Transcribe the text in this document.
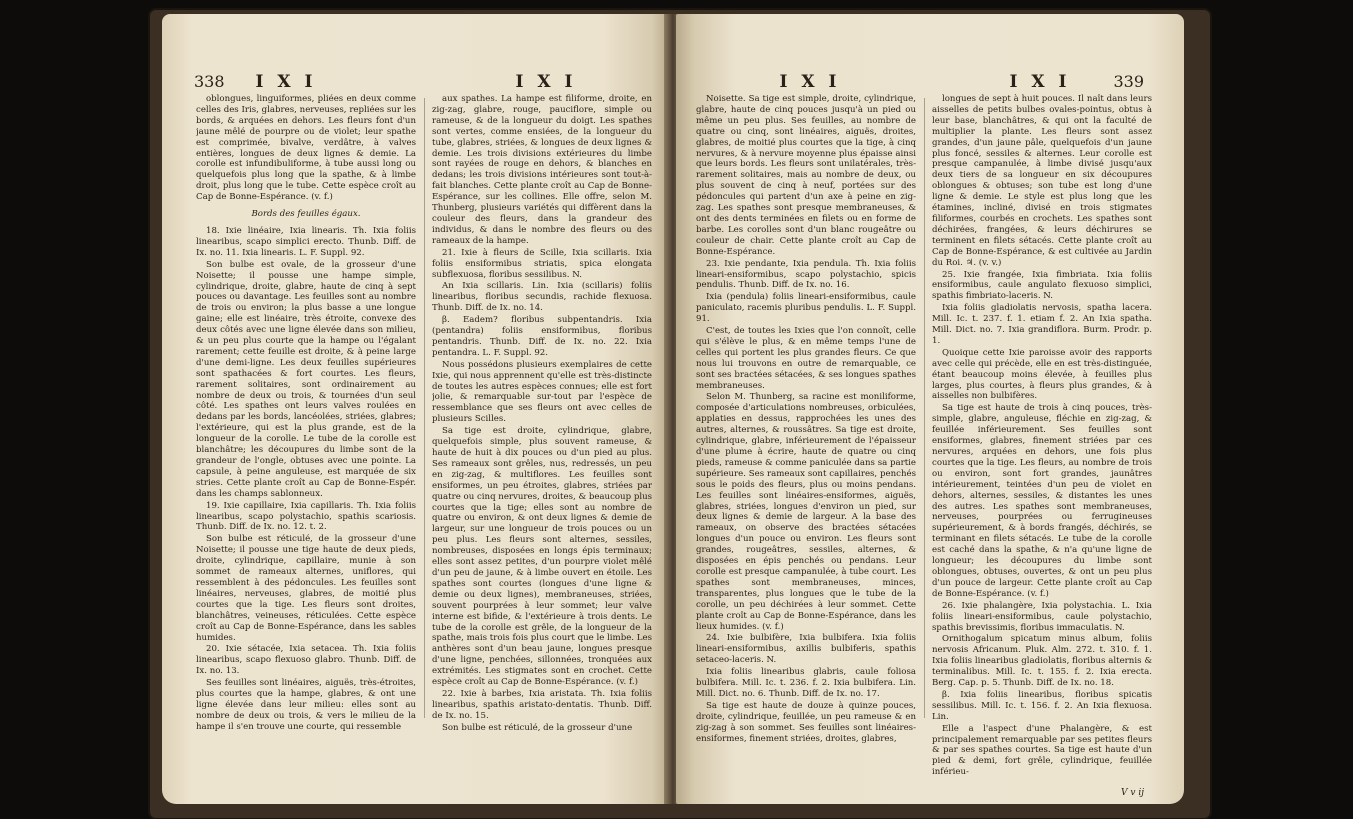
338	I X I	I X I

oblongues, linguiformes, pliées en deux comme celles des Iris, glabres, nerveuses, repliées sur les bords, & arquées en dehors. Les fleurs font d'un jaune mêlé de pourpre ou de violet; leur spathe est comprimée, bivalve, verdâtre, à valves entières, longues de deux lignes & demie. La corolle est infundibuliforme, à tube aussi long ou quelquefois plus long que la spathe, & à limbe droit, plus long que le tube. Cette espèce croît au Cap de Bonne-Espérance. (v. f.)

Bords des feuilles égaux.

18. Ixie linéaire, Ixia linearis. Th. Ixia foliis linearibus, scapo simplici erecto. Thunb. Diff. de Ix. no. 11. Ixia linearis. L. F. Suppl. 92.

Son bulbe est ovale, de la grosseur d'une Noisette; il pousse une hampe simple, cylindrique, droite, glabre, haute de cinq à sept pouces ou davantage. Les feuilles sont au nombre de trois ou environ; la plus basse a une longue gaine; elle est linéaire, très étroite, convexe des deux côtés avec une ligne élevée dans son milieu, & un peu plus courte que la hampe ou l'égalant rarement; cette feuille est droite, & à peine large d'une demi-ligne. Les deux feuilles supérieures sont spathacées & fort courtes. Les fleurs, rarement solitaires, sont ordinairement au nombre de deux ou trois, & tournées d'un seul côté. Les spathes ont leurs valves roulées en dedans par les bords, lancéolées, striées, glabres; l'extérieure, qui est la plus grande, est de la longueur de la corolle. Le tube de la corolle est blanchâtre; les découpures du limbe sont de la grandeur de l'ongle, obtuses avec une pointe. La capsule, à peine anguleuse, est marquée de six stries. Cette plante croît au Cap de Bonne-Espér. dans les champs sablonneux.

19. Ixie capillaire, Ixia capillaris. Th. Ixia foliis linearibus, scapo polystachio, spathis scariosis. Thunb. Diff. de Ix. no. 12. t. 2.

Son bulbe est réticulé, de la grosseur d'une Noisette; il pousse une tige haute de deux pieds, droite, cylindrique, capillaire, munie à son sommet de rameaux alternes, uniflores, qui ressemblent à des pédoncules. Les feuilles sont linéaires, nerveuses, glabres, de moitié plus courtes que la tige. Les fleurs sont droites, blanchâtres, veineuses, réticulées. Cette espèce croît au Cap de Bonne-Espérance, dans les sables humides.

20. Ixie sétacée, Ixia setacea. Th. Ixia foliis linearibus, scapo flexuoso glabro. Thunb. Diff. de Ix. no. 13.

Ses feuilles sont linéaires, aiguës, très-étroites, plus courtes que la hampe, glabres, & ont une ligne élevée dans leur milieu: elles sont au nombre de deux ou trois, & vers le milieu de la hampe il s'en trouve une courte, qui ressemble

aux spathes. La hampe est filiforme, droite, en zig-zag, glabre, rouge, pauciflore, simple ou rameuse, & de la longueur du doigt. Les spathes sont vertes, comme ensiées, de la longueur du tube, glabres, striées, & longues de deux lignes & demie. Les trois divisions extérieures du limbe sont rayées de rouge en dehors, & blanches en dedans; les trois divisions intérieures sont tout-à-fait blanches. Cette plante croît au Cap de Bonne-Espérance, sur les collines. Elle offre, selon M. Thunberg, plusieurs variétés qui diffèrent dans la couleur des fleurs, dans la grandeur des individus, & dans le nombre des fleurs ou des rameaux de la hampe.

21. Ixie à fleurs de Scille, Ixia scillaris. Ixia foliis ensiformibus striatis, spica elongata subflexuosa, floribus sessilibus. N.

An Ixia scillaris. Lin. Ixia (scillaris) foliis linearibus, floribus secundis, rachide flexuosa. Thunb. Diff. de Ix. no. 14.

β. Eadem? floribus subpentandris. Ixia (pentandra) foliis ensiformibus, floribus pentandris. Thunb. Diff. de Ix. no. 22. Ixia pentandra. L. F. Suppl. 92.

Nous possédons plusieurs exemplaires de cette Ixie, qui nous apprennent qu'elle est très-distincte de toutes les autres espèces connues; elle est fort jolie, & remarquable sur-tout par l'espèce de ressemblance que ses fleurs ont avec celles de plusieurs Scilles.

Sa tige est droite, cylindrique, glabre, quelquefois simple, plus souvent rameuse, & haute de huit à dix pouces ou d'un pied au plus. Ses rameaux sont grêles, nus, redressés, un peu en zig-zag, & multiflores. Les feuilles sont ensiformes, un peu étroites, glabres, striées par quatre ou cinq nervures, droites, & beaucoup plus courtes que la tige; elles sont au nombre de quatre ou environ, & ont deux lignes & demie de largeur, sur une longueur de trois pouces ou un peu plus. Les fleurs sont alternes, sessiles, nombreuses, disposées en longs épis terminaux; elles sont assez petites, d'un pourpre violet mêlé d'un peu de jaune, & à limbe ouvert en étoile. Les spathes sont courtes (longues d'une ligne & demie ou deux lignes), membraneuses, striées, souvent pourprées à leur sommet; leur valve interne est bifide, & l'extérieure à trois dents. Le tube de la corolle est grêle, de la longueur de la spathe, mais trois fois plus court que le limbe. Les anthères sont d'un beau jaune, longues presque d'une ligne, penchées, sillonnées, tronquées aux extrémités. Les stigmates sont en crochet. Cette espèce croît au Cap de Bonne-Espérance. (v. f.)

22. Ixie à barbes, Ixia aristata. Th. Ixia foliis linearibus, spathis aristato-dentatis. Thunb. Diff. de Ix. no. 15.

Son bulbe est réticulé, de la grosseur d'une

I X I	I X I	339

Noisette. Sa tige est simple, droite, cylindrique, glabre, haute de cinq pouces jusqu'à un pied ou même un peu plus. Ses feuilles, au nombre de quatre ou cinq, sont linéaires, aiguës, droites, glabres, de moitié plus courtes que la tige, à cinq nervures, & à nervure moyenne plus épaisse ainsi que leurs bords. Les fleurs sont unilatérales, très-rarement solitaires, mais au nombre de deux, ou plus souvent de cinq à neuf, portées sur des pédoncules qui partent d'un axe à peine en zig-zag. Les spathes sont presque membraneuses, & ont des dents terminées en filets ou en forme de barbe. Les corolles sont d'un blanc rougeâtre ou couleur de chair. Cette plante croît au Cap de Bonne-Espérance.

23. Ixie pendante, Ixia pendula. Th. Ixia foliis lineari-ensiformibus, scapo polystachio, spicis pendulis. Thunb. Diff. de Ix. no. 16.

Ixia (pendula) foliis lineari-ensiformibus, caule paniculato, racemis pluribus pendulis. L. F. Suppl. 91.

C'est, de toutes les Ixies que l'on connoît, celle qui s'élève le plus, & en même temps l'une de celles qui portent les plus grandes fleurs. Ce que nous lui trouvons en outre de remarquable, ce sont ses bractées sétacées, & ses longues spathes membraneuses.

Selon M. Thunberg, sa racine est moniliforme, composée d'articulations nombreuses, orbiculées, applaties en dessus, rapprochées les unes des autres, alternes, & roussâtres. Sa tige est droite, cylindrique, glabre, inférieurement de l'épaisseur d'une plume à écrire, haute de quatre ou cinq pieds, rameuse & comme paniculée dans sa partie supérieure. Ses rameaux sont capillaires, penchés sous le poids des fleurs, plus ou moins pendans. Les feuilles sont linéaires-ensiformes, aiguës, glabres, striées, longues d'environ un pied, sur deux lignes & demie de largeur. A la base des rameaux, on observe des bractées sétacées longues d'un pouce ou environ. Les fleurs sont grandes, rougeâtres, sessiles, alternes, & disposées en épis penchés ou pendans. Leur corolle est presque campanulée, à tube court. Les spathes sont membraneuses, minces, transparentes, plus longues que le tube de la corolle, un peu déchirées à leur sommet. Cette plante croît au Cap de Bonne-Espérance, dans les lieux humides. (v. f.)

24. Ixie bulbifère, Ixia bulbifera. Ixia foliis lineari-ensiformibus, axillis bulbiferis, spathis setaceo-laceris. N.

Ixia foliis linearibus glabris, caule foliosa bulbifera. Mill. Ic. t. 236. f. 2. Ixia bulbifera. Lin. Mill. Dict. no. 6. Thunb. Diff. de Ix. no. 17.

Sa tige est haute de douze à quinze pouces, droite, cylindrique, feuillée, un peu rameuse & en zig-zag à son sommet. Ses feuilles sont linéaires-ensiformes, finement striées, droites, glabres,

longues de sept à huit pouces. Il naît dans leurs aisselles de petits bulbes ovales-pointus, obtus à leur base, blanchâtres, & qui ont la faculté de multiplier la plante. Les fleurs sont assez grandes, d'un jaune pâle, quelquefois d'un jaune plus foncé, sessiles & alternes. Leur corolle est presque campanulée, à limbe divisé jusqu'aux deux tiers de sa longueur en six découpures oblongues & obtuses; son tube est long d'une ligne & demie. Le style est plus long que les étamines, incliné, divisé en trois stigmates filiformes, courbés en crochets. Les spathes sont déchirées, frangées, & leurs déchirures se terminent en filets sétacés. Cette plante croît au Cap de Bonne-Espérance, & est cultivée au Jardin du Roi. ♃. (v. v.)

25. Ixie frangée, Ixia fimbriata. Ixia foliis ensiformibus, caule angulato flexuoso simplici, spathis fimbriato-laceris. N.

Ixia foliis gladiolatis nervosis, spatha lacera. Mill. Ic. t. 237. f. 1. etiam f. 2. An Ixia spatha. Mill. Dict. no. 7. Ixia grandiflora. Burm. Prodr. p. 1.

Quoique cette Ixie paroisse avoir des rapports avec celle qui précède, elle en est très-distinguée, étant beaucoup moins élevée, à feuilles plus larges, plus courtes, à fleurs plus grandes, & à aisselles non bulbifères.

Sa tige est haute de trois à cinq pouces, très-simple, glabre, anguleuse, fléchie en zig-zag, & feuillée inférieurement. Ses feuilles sont ensiformes, glabres, finement striées par ces nervures, arquées en dehors, une fois plus courtes que la tige. Les fleurs, au nombre de trois ou environ, sont fort grandes, jaunâtres intérieurement, teintées d'un peu de violet en dehors, alternes, sessiles, & distantes les unes des autres. Les spathes sont membraneuses, nerveuses, pourprées ou ferrugineuses supérieurement, & à bords frangés, déchirés, se terminant en filets sétacés. Le tube de la corolle est caché dans la spathe, & n'a qu'une ligne de longueur; les découpures du limbe sont oblongues, obtuses, ouvertes, & ont un peu plus d'un pouce de largeur. Cette plante croît au Cap de Bonne-Espérance. (v. f.)

26. Ixie phalangère, Ixia polystachia. L. Ixia foliis lineari-ensiformibus, caule polystachio, spathis brevissimis, floribus immaculatis. N.

Ornithogalum spicatum minus album, foliis nervosis Africanum. Pluk. Alm. 272. t. 310. f. 1. Ixia foliis linearibus gladiolatis, floribus alternis & terminalibus. Mill. Ic. t. 155. f. 2. Ixia erecta. Berg. Cap. p. 5. Thunb. Diff. de Ix. no. 18.

β. Ixia foliis linearibus, floribus spicatis sessilibus. Mill. Ic. t. 156. f. 2. An Ixia flexuosa. Lin.

Elle a l'aspect d'une Phalangère, & est principalement remarquable par ses petites fleurs & par ses spathes courtes. Sa tige est haute d'un pied & demi, fort grêle, cylindrique, feuillée inférieu-

V v ij
